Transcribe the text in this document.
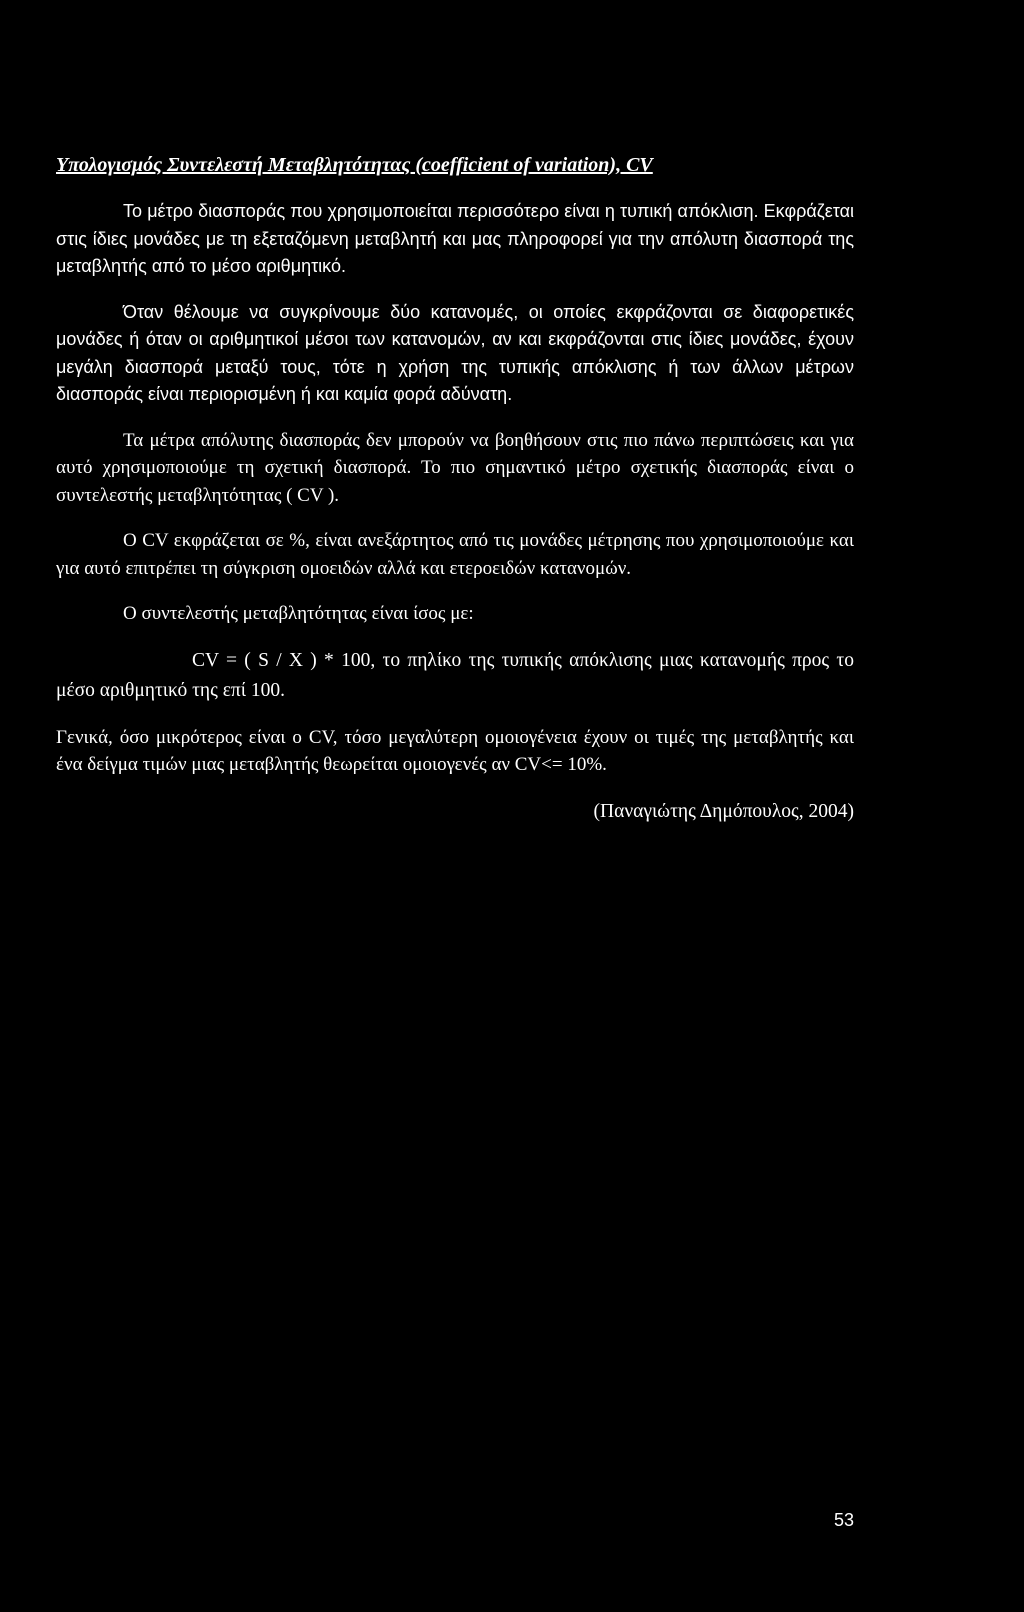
Υπολογισμός Συντελεστή Μεταβλητότητας (coefficient of variation), CV

Το μέτρο διασποράς που χρησιμοποιείται περισσότερο είναι η τυπική απόκλιση. Εκφράζεται στις ίδιες μονάδες με τη εξεταζόμενη μεταβλητή και μας πληροφορεί για την απόλυτη διασπορά της μεταβλητής από το μέσο αριθμητικό.

Όταν θέλουμε να συγκρίνουμε δύο κατανομές, οι οποίες εκφράζονται σε διαφορετικές μονάδες ή όταν οι αριθμητικοί μέσοι των κατανομών, αν και εκφράζονται στις ίδιες μονάδες, έχουν μεγάλη διασπορά μεταξύ τους, τότε η χρήση της τυπικής απόκλισης ή των άλλων μέτρων διασποράς είναι περιορισμένη ή και καμία φορά αδύνατη.

Τα μέτρα απόλυτης διασποράς δεν μπορούν να βοηθήσουν στις πιο πάνω περιπτώσεις και για αυτό χρησιμοποιούμε τη σχετική διασπορά. Το πιο σημαντικό μέτρο σχετικής διασποράς είναι ο συντελεστής μεταβλητότητας ( CV ).

Ο CV εκφράζεται σε %, είναι ανεξάρτητος από τις μονάδες μέτρησης που χρησιμοποιούμε και για αυτό επιτρέπει τη σύγκριση ομοειδών αλλά και ετεροειδών κατανομών.

Ο συντελεστής μεταβλητότητας είναι ίσος με:

CV = ( S / X ) * 100, το πηλίκο της τυπικής απόκλισης μιας κατανομής προς το μέσο αριθμητικό της επί 100.

Γενικά, όσο μικρότερος είναι ο CV, τόσο μεγαλύτερη ομοιογένεια έχουν οι τιμές της μεταβλητής και ένα δείγμα τιμών μιας μεταβλητής θεωρείται ομοιογενές αν CV<= 10%.

(Παναγιώτης Δημόπουλος, 2004)

53
